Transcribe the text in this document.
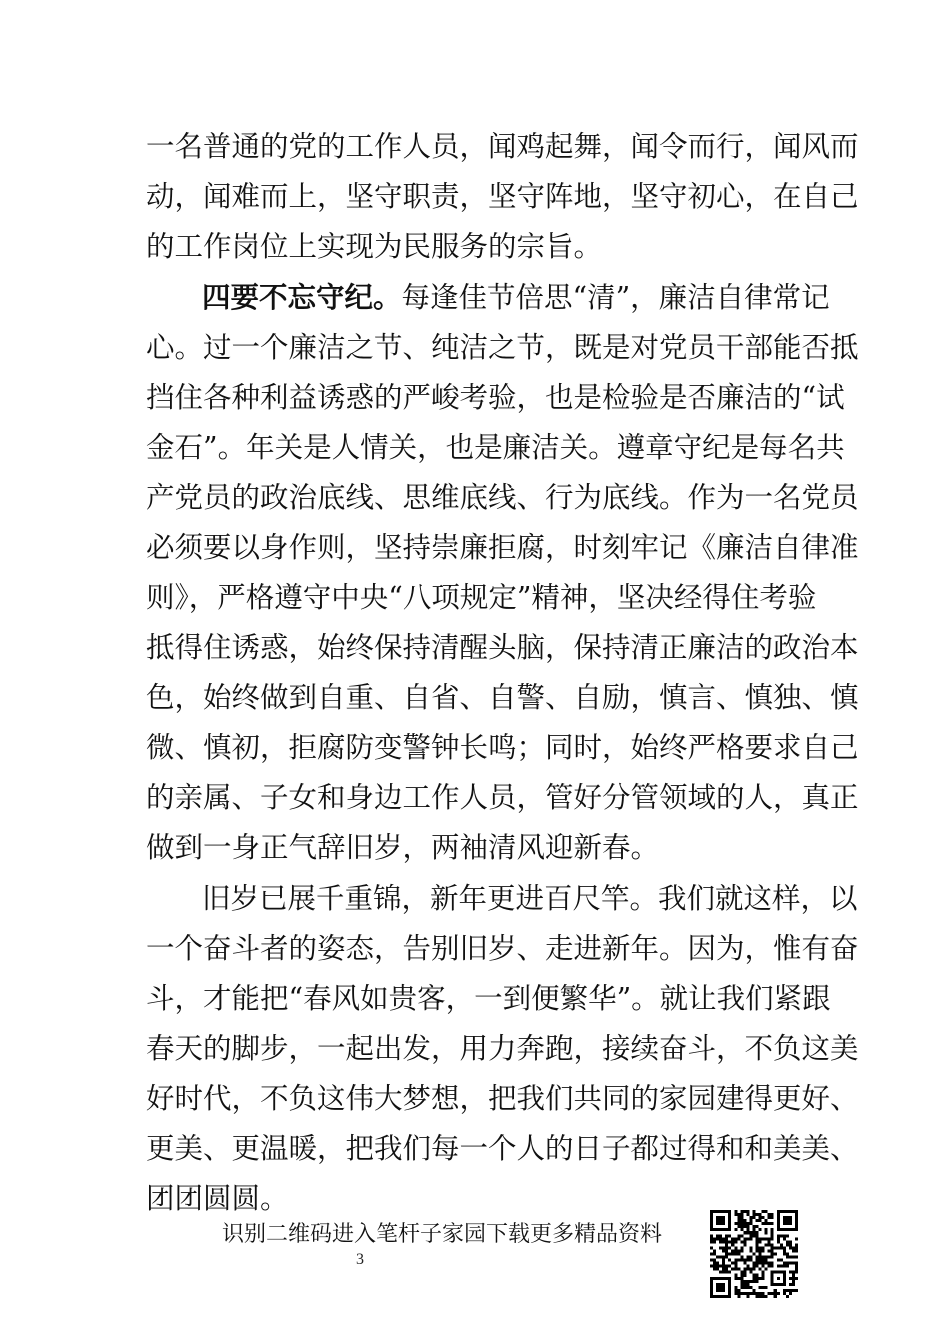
一名普通的党的工作人员，闻鸡起舞，闻令而行，闻风而
动，闻难而上，坚守职责，坚守阵地，坚守初心，在自己
的工作岗位上实现为民服务的宗旨。
四要不忘守纪。每逢佳节倍思“清”，廉洁自律常记
心。过一个廉洁之节、纯洁之节，既是对党员干部能否抵
挡住各种利益诱惑的严峻考验，也是检验是否廉洁的“试
金石”。年关是人情关，也是廉洁关。遵章守纪是每名共
产党员的政治底线、思维底线、行为底线。作为一名党员
必须要以身作则，坚持崇廉拒腐，时刻牢记《廉洁自律准
则》，严格遵守中央“八项规定”精神，坚决经得住考验
抵得住诱惑，始终保持清醒头脑，保持清正廉洁的政治本
色，始终做到自重、自省、自警、自励，慎言、慎独、慎
微、慎初，拒腐防变警钟长鸣；同时，始终严格要求自己
的亲属、子女和身边工作人员，管好分管领域的人，真正
做到一身正气辞旧岁，两袖清风迎新春。
旧岁已展千重锦，新年更进百尺竿。我们就这样，以
一个奋斗者的姿态，告别旧岁、走进新年。因为，惟有奋
斗，才能把“春风如贵客，一到便繁华”。就让我们紧跟
春天的脚步，一起出发，用力奔跑，接续奋斗，不负这美
好时代，不负这伟大梦想，把我们共同的家园建得更好、
更美、更温暖，把我们每一个人的日子都过得和和美美、
团团圆圆。
识别二维码进入笔杆子家园下载更多精品资料
3
